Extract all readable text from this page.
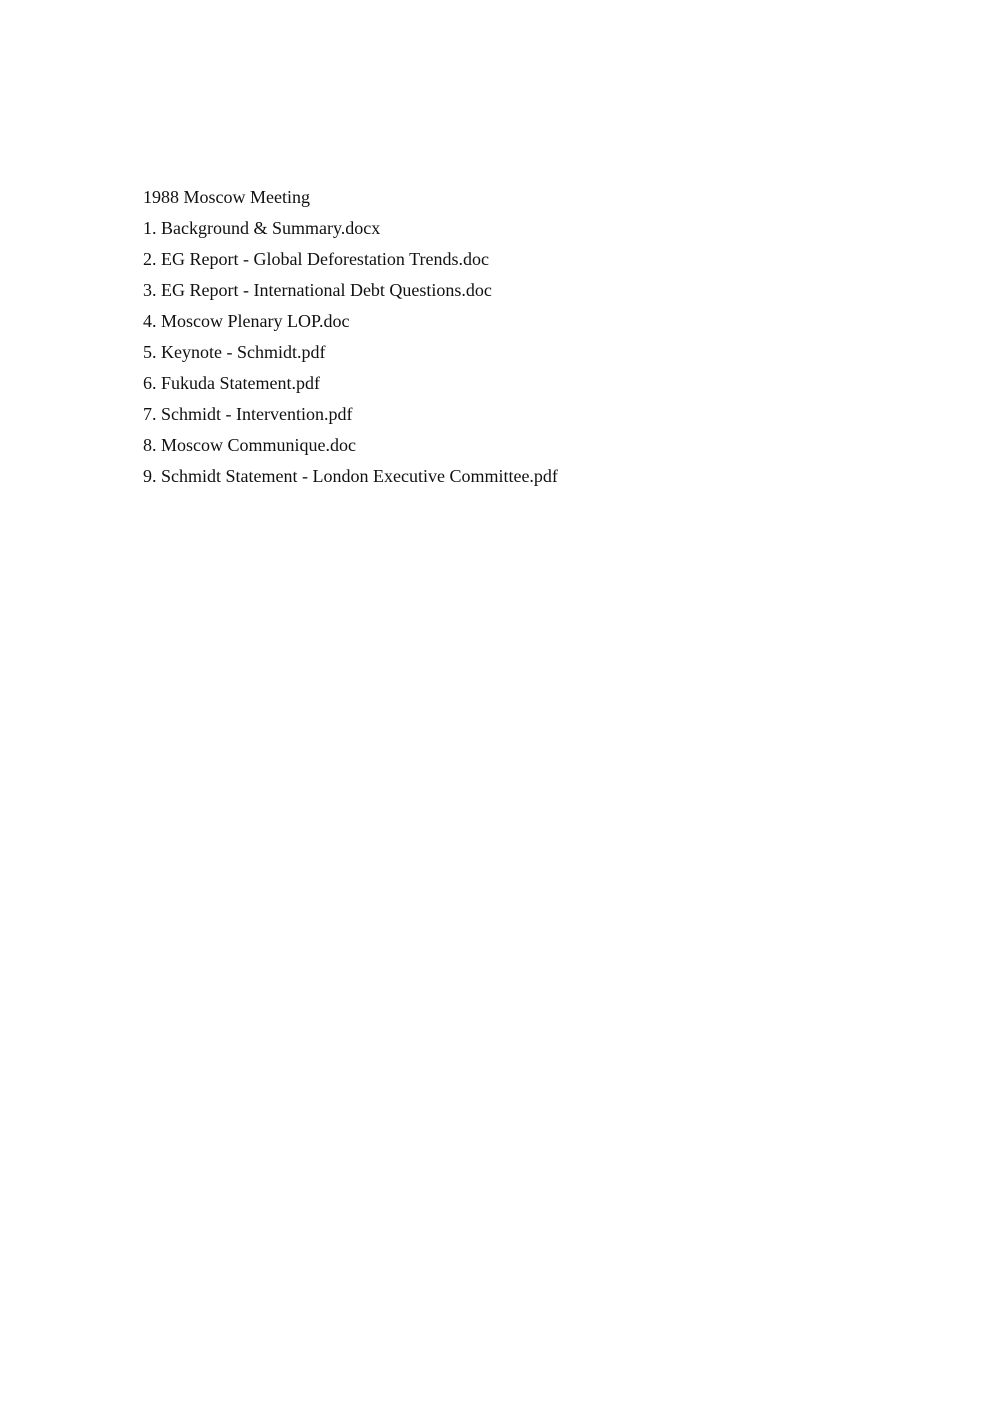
1988 Moscow Meeting
1. Background & Summary.docx
2. EG Report - Global Deforestation Trends.doc
3. EG Report - International Debt Questions.doc
4. Moscow Plenary LOP.doc
5. Keynote - Schmidt.pdf
6. Fukuda Statement.pdf
7. Schmidt - Intervention.pdf
8. Moscow Communique.doc
9. Schmidt Statement - London Executive Committee.pdf
